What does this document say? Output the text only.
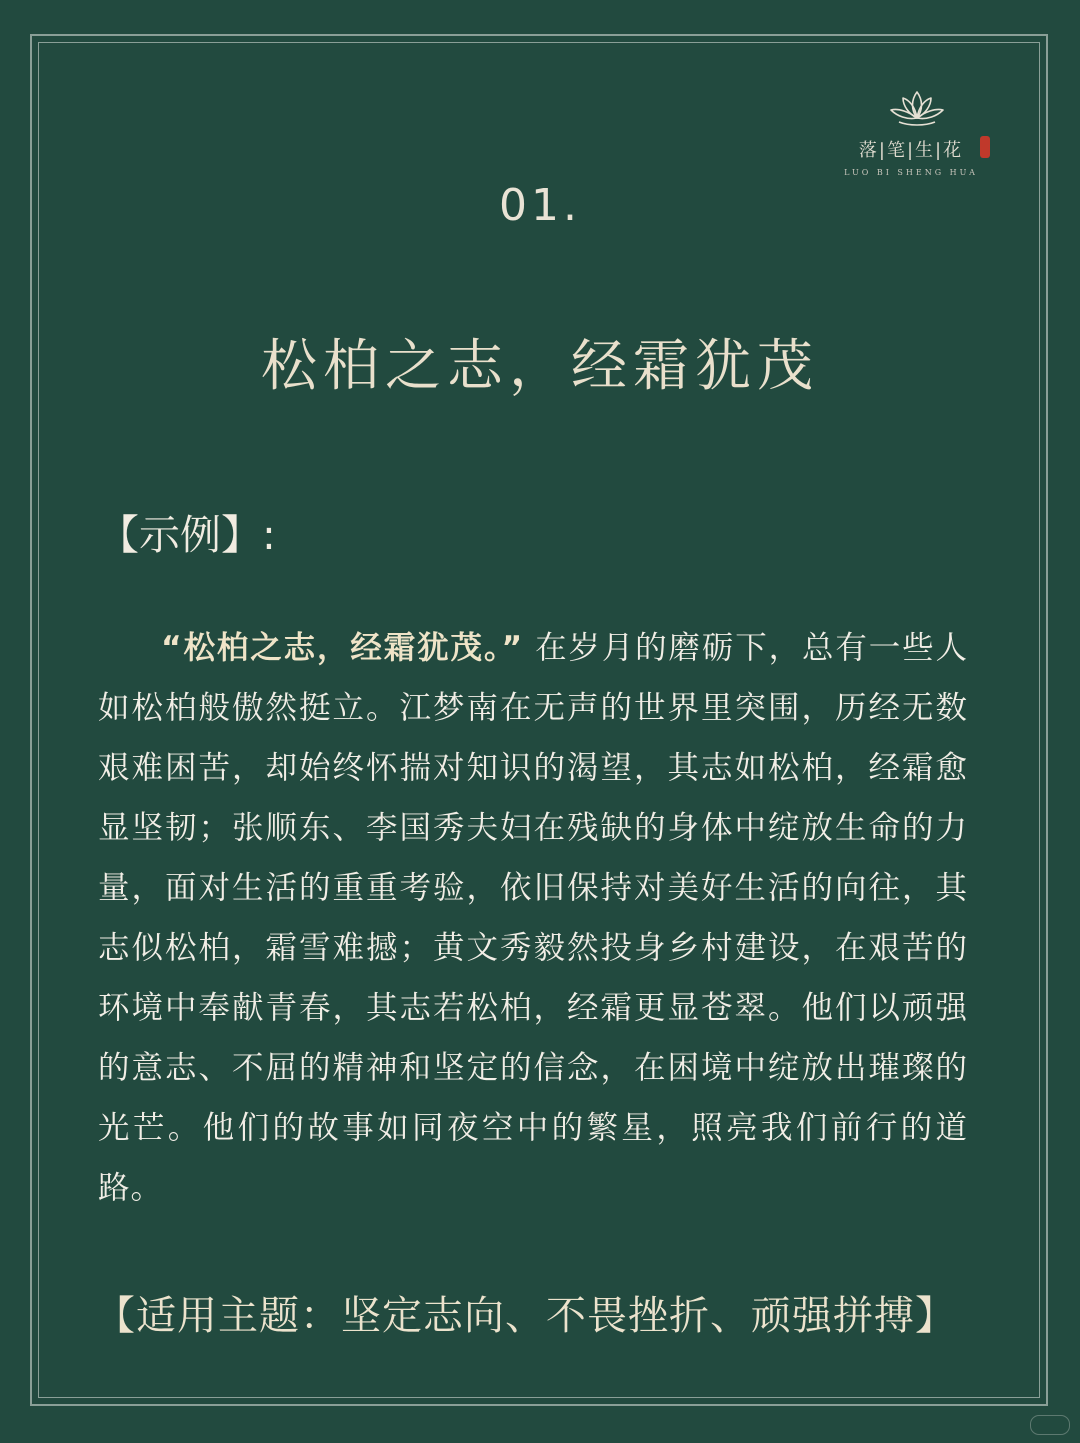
落|笔|生|花
LUO BI SHENG HUA
01.
松柏之志，经霜犹茂
【示例】:
“松柏之志，经霜犹茂。” 在岁月的磨砺下，总有一些人如松柏般傲然挺立。江梦南在无声的世界里突围，历经无数艰难困苦，却始终怀揣对知识的渴望，其志如松柏，经霜愈显坚韧；张顺东、李国秀夫妇在残缺的身体中绽放生命的力量，面对生活的重重考验，依旧保持对美好生活的向往，其志似松柏，霜雪难撼；黄文秀毅然投身乡村建设，在艰苦的环境中奉献青春，其志若松柏，经霜更显苍翠。他们以顽强的意志、不屈的精神和坚定的信念，在困境中绽放出璀璨的光芒。他们的故事如同夜空中的繁星，照亮我们前行的道路。
【适用主题：坚定志向、不畏挫折、顽强拼搏】
